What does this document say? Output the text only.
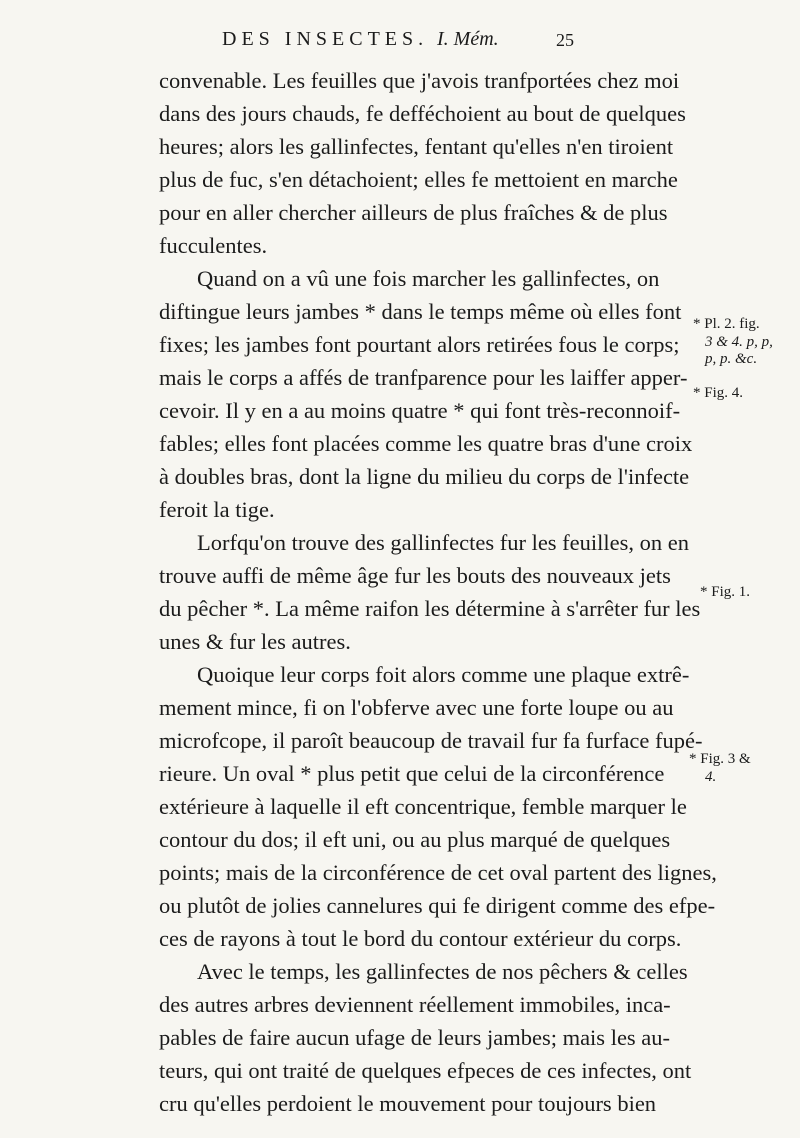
DES INSECTES. I. Mém.	25
convenable. Les feuilles que j'avois tranfportées chez moi
dans des jours chauds, fe defféchoient au bout de quelques
heures; alors les gallinfectes, fentant qu'elles n'en tiroient
plus de fuc, s'en détachoient; elles fe mettoient en marche
pour en aller chercher ailleurs de plus fraîches & de plus
fucculentes.
Quand on a vû une fois marcher les gallinfectes, on
diftingue leurs jambes * dans le temps même où elles font
fixes; les jambes font pourtant alors retirées fous le corps;
mais le corps a affés de tranfparence pour les laiffer apper-
cevoir. Il y en a au moins quatre * qui font très-reconnoif-
fables; elles font placées comme les quatre bras d'une croix
à doubles bras, dont la ligne du milieu du corps de l'infecte
feroit la tige.
Lorfqu'on trouve des gallinfectes fur les feuilles, on en
trouve auffi de même âge fur les bouts des nouveaux jets
du pêcher *. La même raifon les détermine à s'arrêter fur les
unes & fur les autres.
Quoique leur corps foit alors comme une plaque extrê-
mement mince, fi on l'obferve avec une forte loupe ou au
microfcope, il paroît beaucoup de travail fur fa furface fupé-
rieure. Un oval * plus petit que celui de la circonférence
extérieure à laquelle il eft concentrique, femble marquer le
contour du dos; il eft uni, ou au plus marqué de quelques
points; mais de la circonférence de cet oval partent des lignes,
ou plutôt de jolies cannelures qui fe dirigent comme des efpe-
ces de rayons à tout le bord du contour extérieur du corps.
Avec le temps, les gallinfectes de nos pêchers & celles
des autres arbres deviennent réellement immobiles, inca-
pables de faire aucun ufage de leurs jambes; mais les au-
teurs, qui ont traité de quelques efpeces de ces infectes, ont
cru qu'elles perdoient le mouvement pour toujours bien
* Pl. 2. fig.
3 & 4. p, p,
p, p. &c.
* Fig. 4.
* Fig. 1.
* Fig. 3 &
4.
